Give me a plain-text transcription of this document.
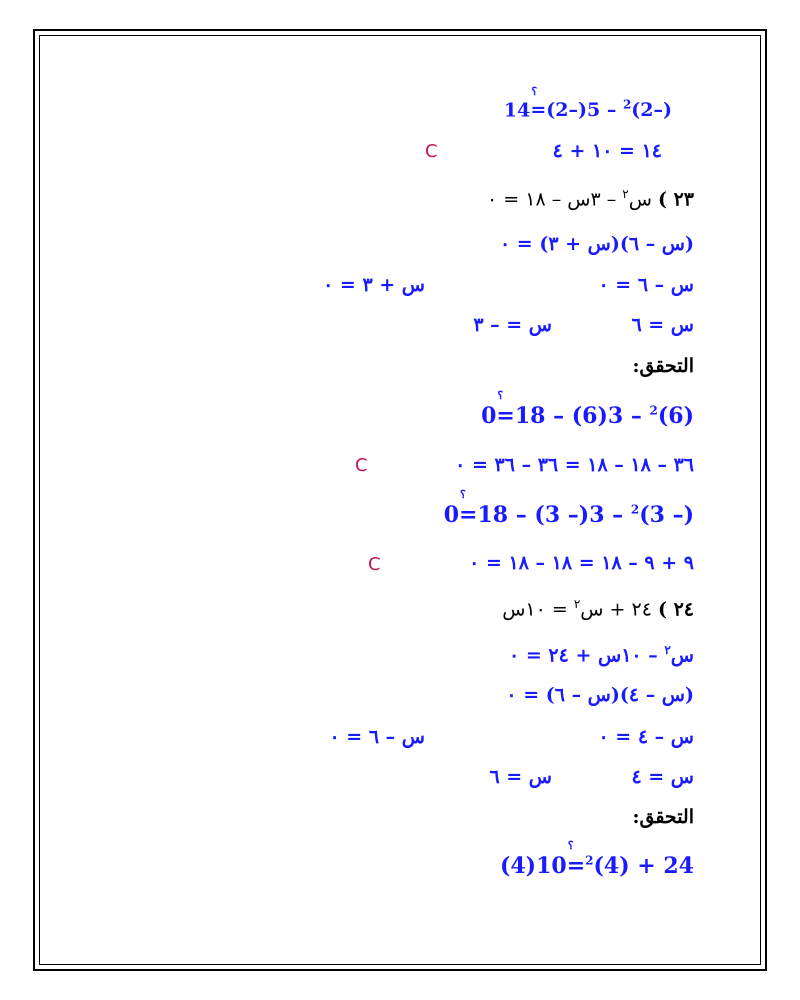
14=
؟
(2–)5 – $^2$(2–)
١٤ = ١٠ + ٤
C
٢٣ ) س$^٢$ – ٣س – ١٨ = ٠
(س – ٦)(س + ٣) = ٠
س – ٦ = ٠
س + ٣ = ٠
س = ٦
س = – ٣
التحقق:
0=
؟
18 – (6)3 – $^2$(6)
٣٦ – ١٨ – ١٨ = ٣٦ – ٣٦ = ٠
C
0=
؟
18 – (3 –)3 – $^2$(3 –)
٩ + ٩ – ١٨ = ١٨ – ١٨ = ٠
C
٢٤ ) ٢٤ + س$^٢$ = ١٠س
س$^٢$ – ١٠س + ٢٤ = ٠
(س – ٤)(س – ٦) = ٠
س – ٤ = ٠
س – ٦ = ٠
س = ٤
س = ٦
التحقق:
(4)10=
؟
$^2$(4) + 24
